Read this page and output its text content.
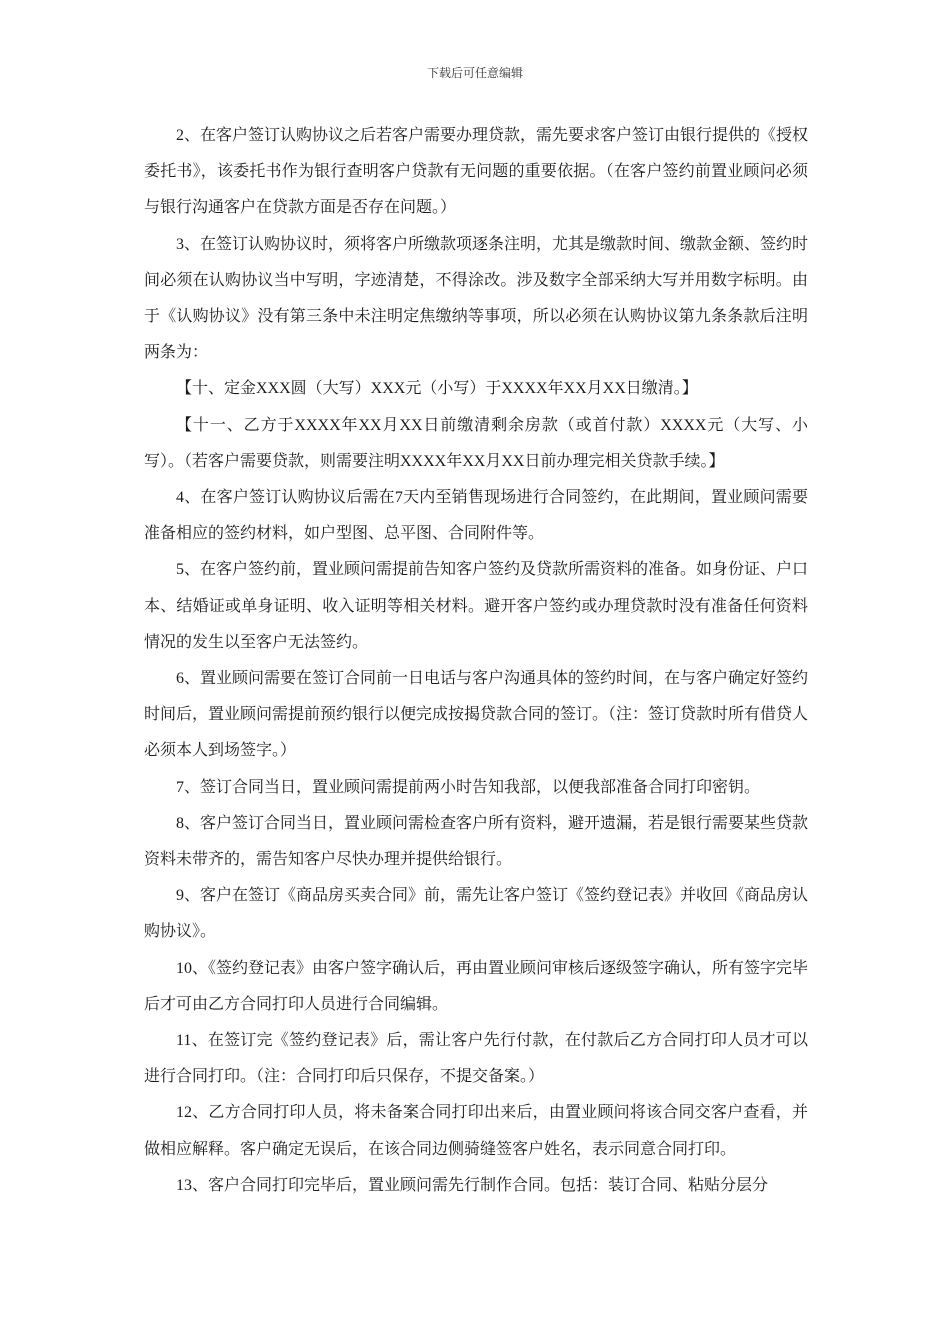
下载后可任意编辑

2、在客户签订认购协议之后若客户需要办理贷款，需先要求客户签订由银行提供的《授权委托书》，该委托书作为银行查明客户贷款有无问题的重要依据。（在客户签约前置业顾问必须与银行沟通客户在贷款方面是否存在问题。）

3、在签订认购协议时，须将客户所缴款项逐条注明，尤其是缴款时间、缴款金额、签约时间必须在认购协议当中写明，字迹清楚，不得涂改。涉及数字全部采纳大写并用数字标明。由于《认购协议》没有第三条中未注明定焦缴纳等事项，所以必须在认购协议第九条条款后注明两条为：

【十、定金XXX圆（大写）XXX元（小写）于XXXX年XX月XX日缴清。】

【十一、乙方于XXXX年XX月XX日前缴清剩余房款（或首付款）XXXX元（大写、小写）。（若客户需要贷款，则需要注明XXXX年XX月XX日前办理完相关贷款手续。】

4、在客户签订认购协议后需在7天内至销售现场进行合同签约，在此期间，置业顾问需要准备相应的签约材料，如户型图、总平图、合同附件等。

5、在客户签约前，置业顾问需提前告知客户签约及贷款所需资料的准备。如身份证、户口本、结婚证或单身证明、收入证明等相关材料。避开客户签约或办理贷款时没有准备任何资料情况的发生以至客户无法签约。

6、置业顾问需要在签订合同前一日电话与客户沟通具体的签约时间，在与客户确定好签约时间后，置业顾问需提前预约银行以便完成按揭贷款合同的签订。（注：签订贷款时所有借贷人必须本人到场签字。）

7、签订合同当日，置业顾问需提前两小时告知我部，以便我部准备合同打印密钥。

8、客户签订合同当日，置业顾问需检查客户所有资料，避开遗漏，若是银行需要某些贷款资料未带齐的，需告知客户尽快办理并提供给银行。

9、客户在签订《商品房买卖合同》前，需先让客户签订《签约登记表》并收回《商品房认购协议》。

10、《签约登记表》由客户签字确认后，再由置业顾问审核后逐级签字确认，所有签字完毕后才可由乙方合同打印人员进行合同编辑。

11、在签订完《签约登记表》后，需让客户先行付款，在付款后乙方合同打印人员才可以进行合同打印。（注：合同打印后只保存，不提交备案。）

12、乙方合同打印人员，将未备案合同打印出来后，由置业顾问将该合同交客户查看，并做相应解释。客户确定无误后，在该合同边侧骑缝签客户姓名，表示同意合同打印。

13、客户合同打印完毕后，置业顾问需先行制作合同。包括：装订合同、粘贴分层分
